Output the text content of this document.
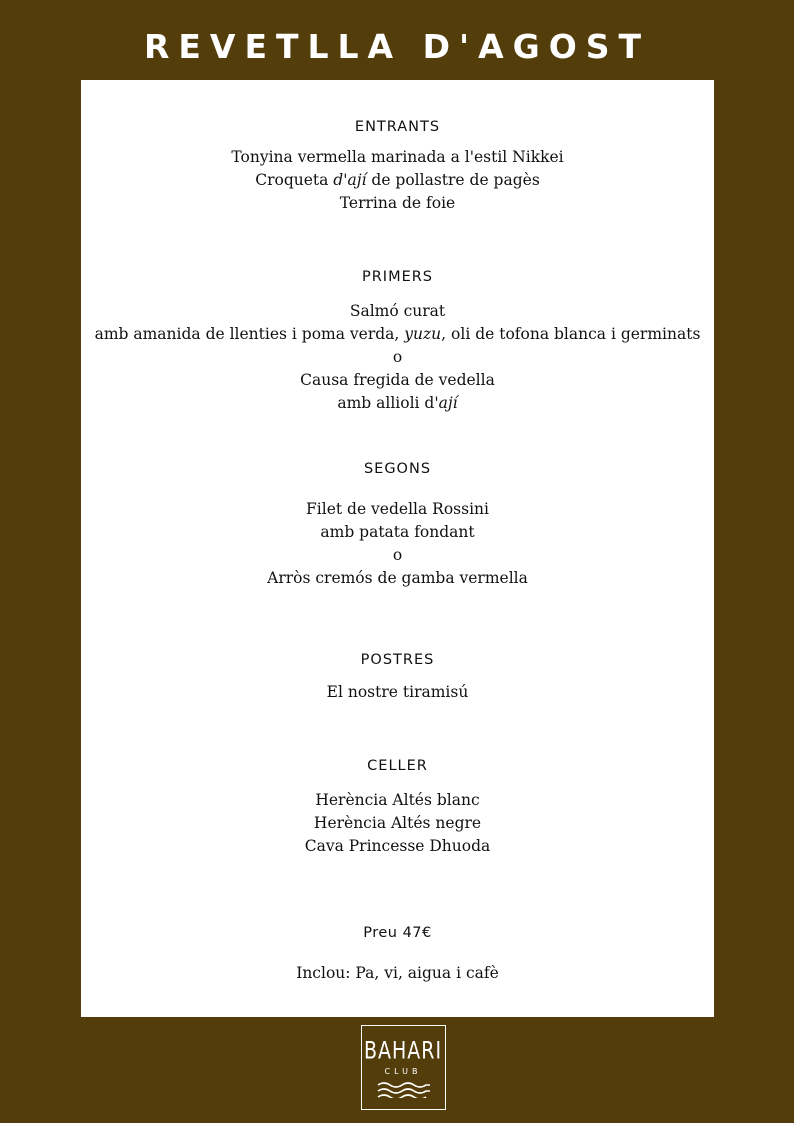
REVETLLA D'AGOST
ENTRANTS
Tonyina vermella marinada a l'estil Nikkei
Croqueta d'ají de pollastre de pagès
Terrina de foie
PRIMERS
Salmó curat
amb amanida de llenties i poma verda, yuzu, oli de tofona blanca i germinats
o
Causa fregida de vedella
amb allioli d'ají
SEGONS
Filet de vedella Rossini
amb patata fondant
o
Arròs cremós de gamba vermella
POSTRES
El nostre tiramisú
CELLER
Herència Altés blanc
Herència Altés negre
Cava Princesse Dhuoda
Preu 47€
Inclou: Pa, vi, aigua i cafè
BAHARI
CLUB
